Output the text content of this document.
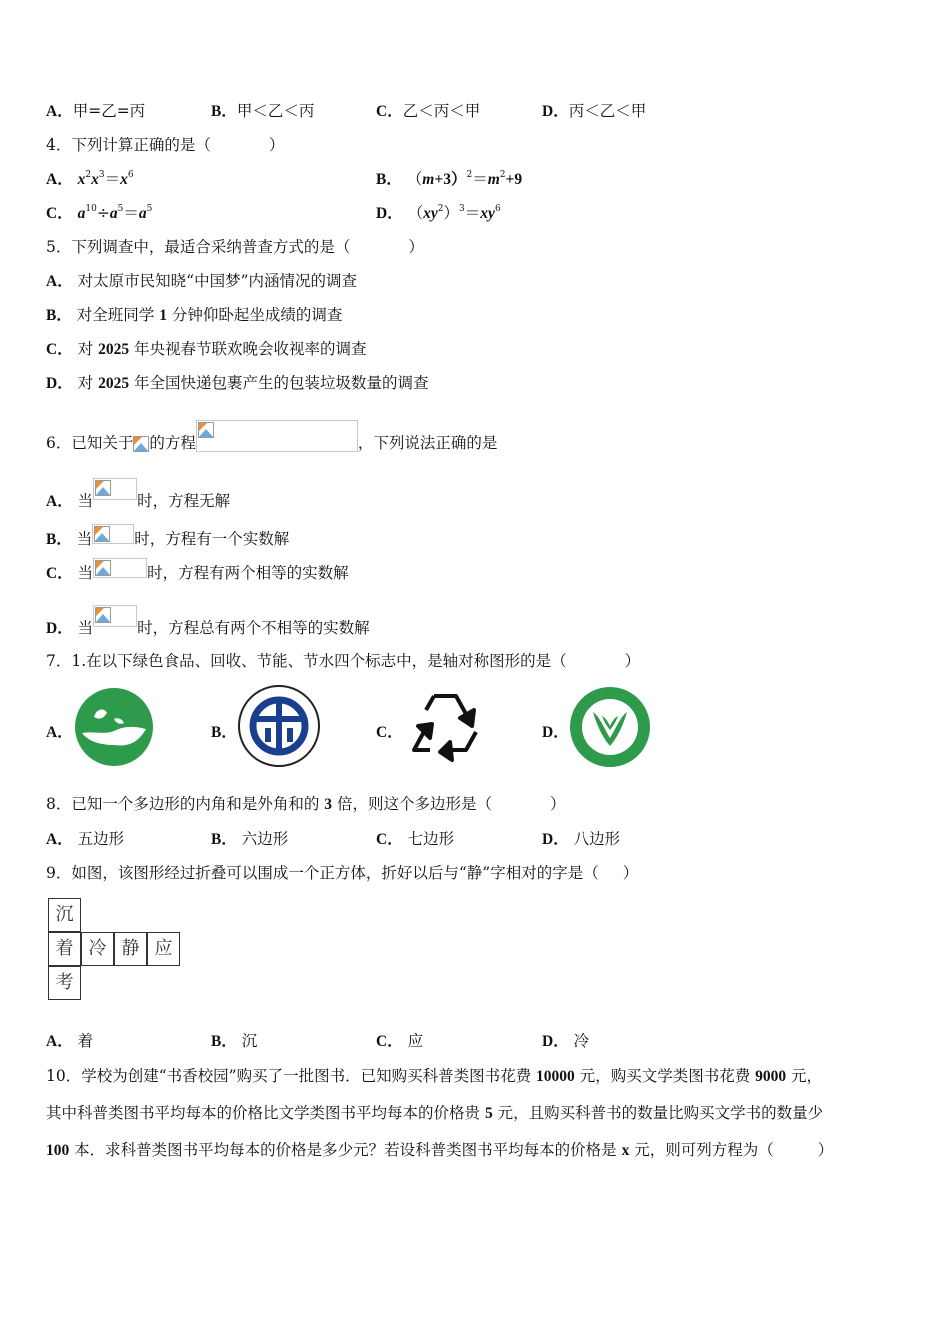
A．甲=乙=丙	B．甲＜乙＜丙	C．乙＜丙＜甲	D．丙＜乙＜甲
4．下列计算正确的是（	）
A． $x^2x^3=x^6$	B． $(m+3)^2=m^2+9$
C． $a^{10}\div a^5=a^5$	D． $(xy^2)^3=xy^6$
5．下列调查中，最适合采纳普查方式的是（	）
A． 对太原市民知晓“中国梦”内涵情况的调查
B． 对全班同学 1 分钟仰卧起坐成绩的调查
C． 对 2025 年央视春节联欢晚会收视率的调查
D． 对 2025 年全国快递包裹产生的包装垃圾数量的调查
6．已知关于 的方程	，下列说法正确的是
A． 当	时，方程无解
B． 当	时，方程有一个实数解
C． 当	时，方程有两个相等的实数解
D． 当	时，方程总有两个不相等的实数解
7．1.在以下绿色食品、回收、节能、节水四个标志中，是轴对称图形的是（	）
A．	B．	C．	D．
8．已知一个多边形的内角和是外角和的 3 倍，则这个多边形是（	）
A． 五边形	B． 六边形	C． 七边形	D． 八边形
9．如图，该图形经过折叠可以围成一个正方体，折好以后与“静”字相对的字是（ ）
沉
着 冷 静 应
考
A． 着	B． 沉	C． 应	D． 冷
10．学校为创建“书香校园”购买了一批图书．已知购买科普类图书花费 10000 元，购买文学类图书花费 9000 元，
其中科普类图书平均每本的价格比文学类图书平均每本的价格贵 5 元，且购买科普书的数量比购买文学书的数量少
100 本．求科普类图书平均每本的价格是多少元？若设科普类图书平均每本的价格是 x 元，则可列方程为（	）
